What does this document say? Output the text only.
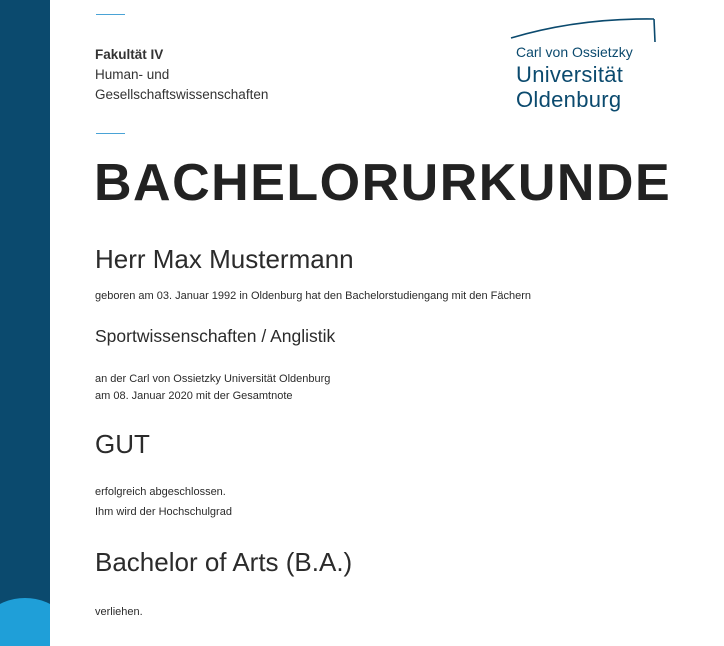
Fakultät IV
Human- und
Gesellschaftswissenschaften
Carl von Ossietzky
Universität
Oldenburg
BACHELORURKUNDE
Herr Max Mustermann
geboren am 03. Januar 1992 in Oldenburg hat den Bachelorstudiengang mit den Fächern
Sportwissenschaften / Anglistik
an der Carl von Ossietzky Universität Oldenburg
am 08. Januar 2020 mit der Gesamtnote
GUT
erfolgreich abgeschlossen.
Ihm wird der Hochschulgrad
Bachelor of Arts (B.A.)
verliehen.
